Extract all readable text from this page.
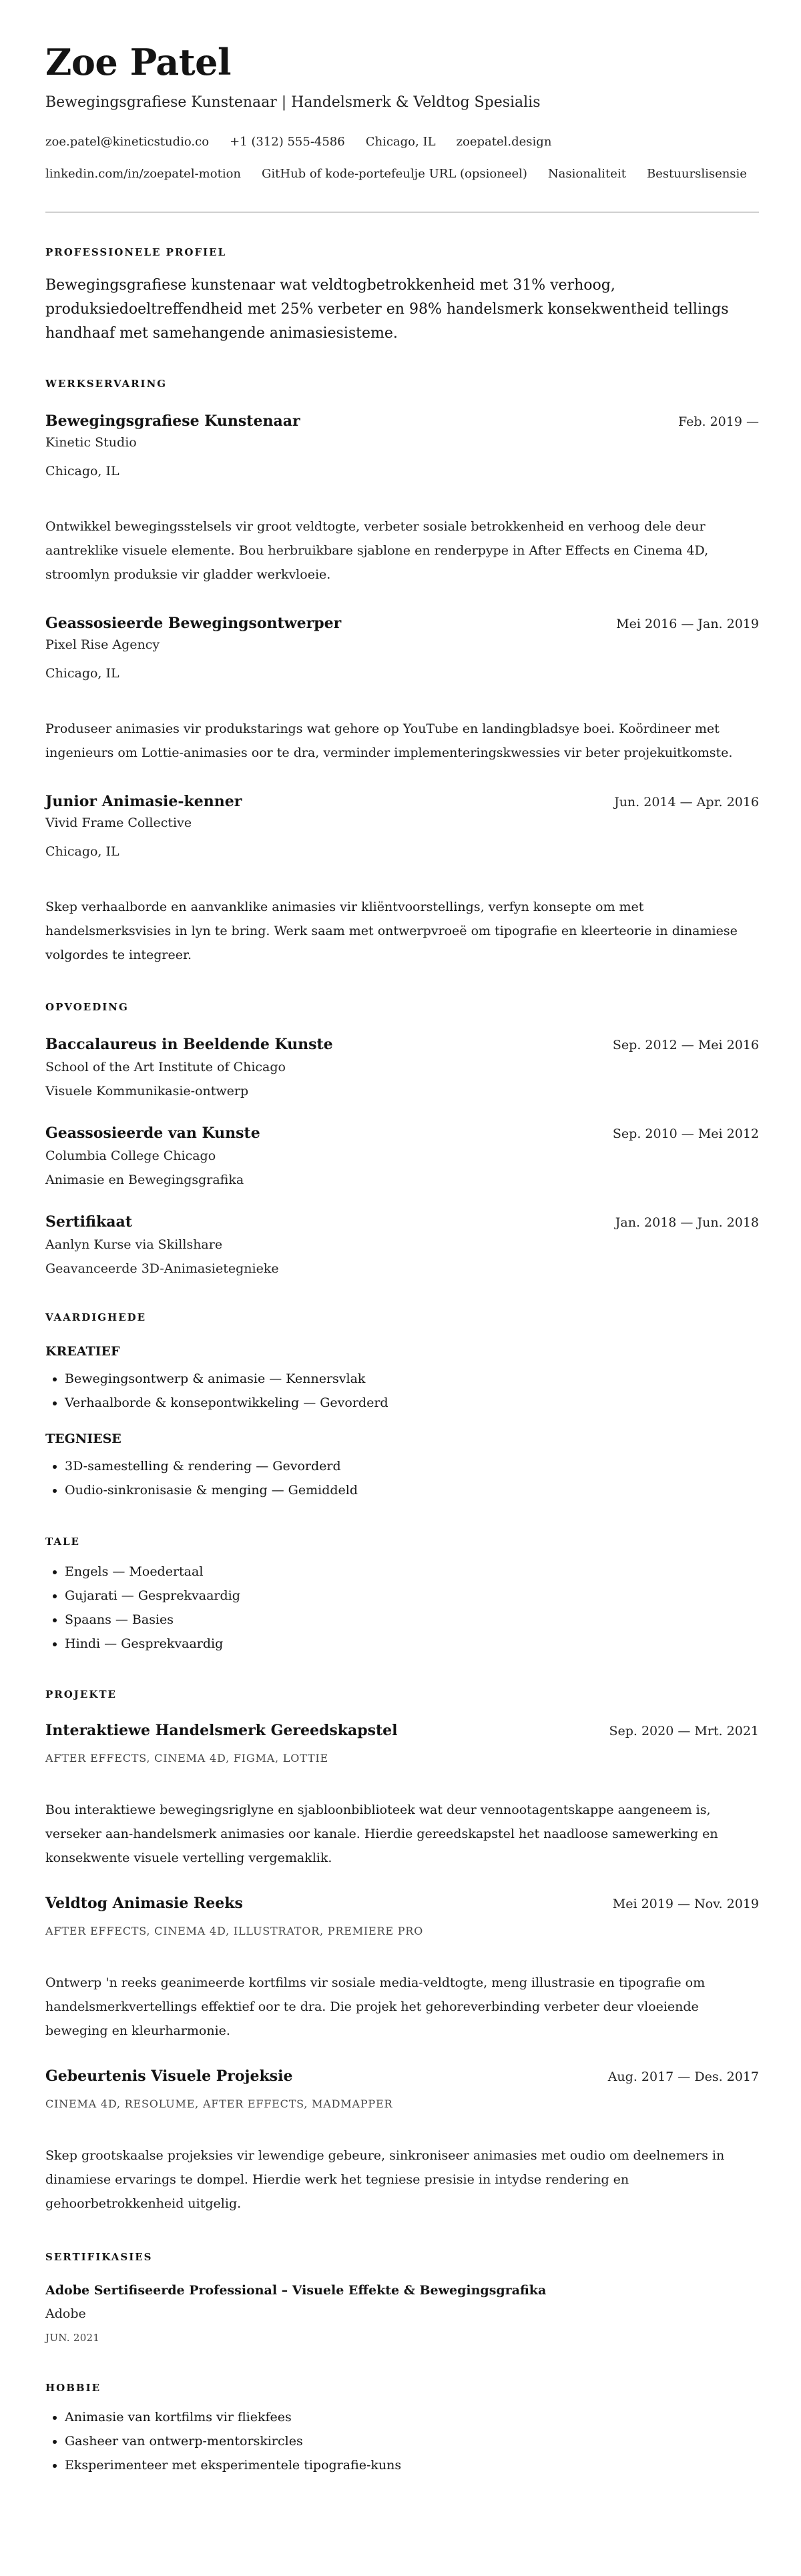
Zoe Patel
Bewegingsgrafiese Kunstenaar | Handelsmerk & Veldtog Spesialis
zoe.patel@kineticstudio.co +1 (312) 555-4586 Chicago, IL zoepatel.design
linkedin.com/in/zoepatel-motion GitHub of kode-portefeulje URL (opsioneel) Nasionaliteit Bestuurslisensie
PROFESSIONELE PROFIEL
Bewegingsgrafiese kunstenaar wat veldtogbetrokkenheid met 31% verhoog, produksiedoeltreffendheid met 25% verbeter en 98% handelsmerk konsekwentheid tellings handhaaf met samehangende animasiesisteme.
WERKSERVARING
Bewegingsgrafiese Kunstenaar	Feb. 2019 —
Kinetic Studio
Chicago, IL
Ontwikkel bewegingsstelsels vir groot veldtogte, verbeter sosiale betrokkenheid en verhoog dele deur aantreklike visuele elemente. Bou herbruikbare sjablone en renderpype in After Effects en Cinema 4D, stroomlyn produksie vir gladder werkvloeie.
Geassosieerde Bewegingsontwerper	Mei 2016 — Jan. 2019
Pixel Rise Agency
Chicago, IL
Produseer animasies vir produkstarings wat gehore op YouTube en landingbladsye boei. Koördineer met ingenieurs om Lottie-animasies oor te dra, verminder implementeringskwessies vir beter projekuitkomste.
Junior Animasie-kenner	Jun. 2014 — Apr. 2016
Vivid Frame Collective
Chicago, IL
Skep verhaalborde en aanvanklike animasies vir kliëntvoorstellings, verfyn konsepte om met handelsmerksvisies in lyn te bring. Werk saam met ontwerpvroeë om tipografie en kleerteorie in dinamiese volgordes te integreer.
OPVOEDING
Baccalaureus in Beeldende Kunste	Sep. 2012 — Mei 2016
School of the Art Institute of Chicago
Visuele Kommunikasie-ontwerp
Geassosieerde van Kunste	Sep. 2010 — Mei 2012
Columbia College Chicago
Animasie en Bewegingsgrafika
Sertifikaat	Jan. 2018 — Jun. 2018
Aanlyn Kurse via Skillshare
Geavanceerde 3D-Animasietegnieke
VAARDIGHEDE
KREATIEF
• Bewegingsontwerp & animasie — Kennersvlak
• Verhaalborde & konsepontwikkeling — Gevorderd
TEGNIESE
• 3D-samestelling & rendering — Gevorderd
• Oudio-sinkronisasie & menging — Gemiddeld
TALE
• Engels — Moedertaal
• Gujarati — Gesprekvaardig
• Spaans — Basies
• Hindi — Gesprekvaardig
PROJEKTE
Interaktiewe Handelsmerk Gereedskapstel	Sep. 2020 — Mrt. 2021
AFTER EFFECTS, CINEMA 4D, FIGMA, LOTTIE
Bou interaktiewe bewegingsriglyne en sjabloonbiblioteek wat deur vennootagentskappe aangeneem is, verseker aan-handelsmerk animasies oor kanale. Hierdie gereedskapstel het naadloose samewerking en konsekwente visuele vertelling vergemaklik.
Veldtog Animasie Reeks	Mei 2019 — Nov. 2019
AFTER EFFECTS, CINEMA 4D, ILLUSTRATOR, PREMIERE PRO
Ontwerp 'n reeks geanimeerde kortfilms vir sosiale media-veldtogte, meng illustrasie en tipografie om handelsmerkvertellings effektief oor te dra. Die projek het gehoreverbinding verbeter deur vloeiende beweging en kleurharmonie.
Gebeurtenis Visuele Projeksie	Aug. 2017 — Des. 2017
CINEMA 4D, RESOLUME, AFTER EFFECTS, MADMAPPER
Skep grootskaalse projeksies vir lewendige gebeure, sinkroniseer animasies met oudio om deelnemers in dinamiese ervarings te dompel. Hierdie werk het tegniese presisie in intydse rendering en gehoorbetrokkenheid uitgelig.
SERTIFIKASIES
Adobe Sertifiseerde Professional – Visuele Effekte & Bewegingsgrafika
Adobe
JUN. 2021
HOBBIE
• Animasie van kortfilms vir fliekfees
• Gasheer van ontwerp-mentorskircles
• Eksperimenteer met eksperimentele tipografie-kuns
